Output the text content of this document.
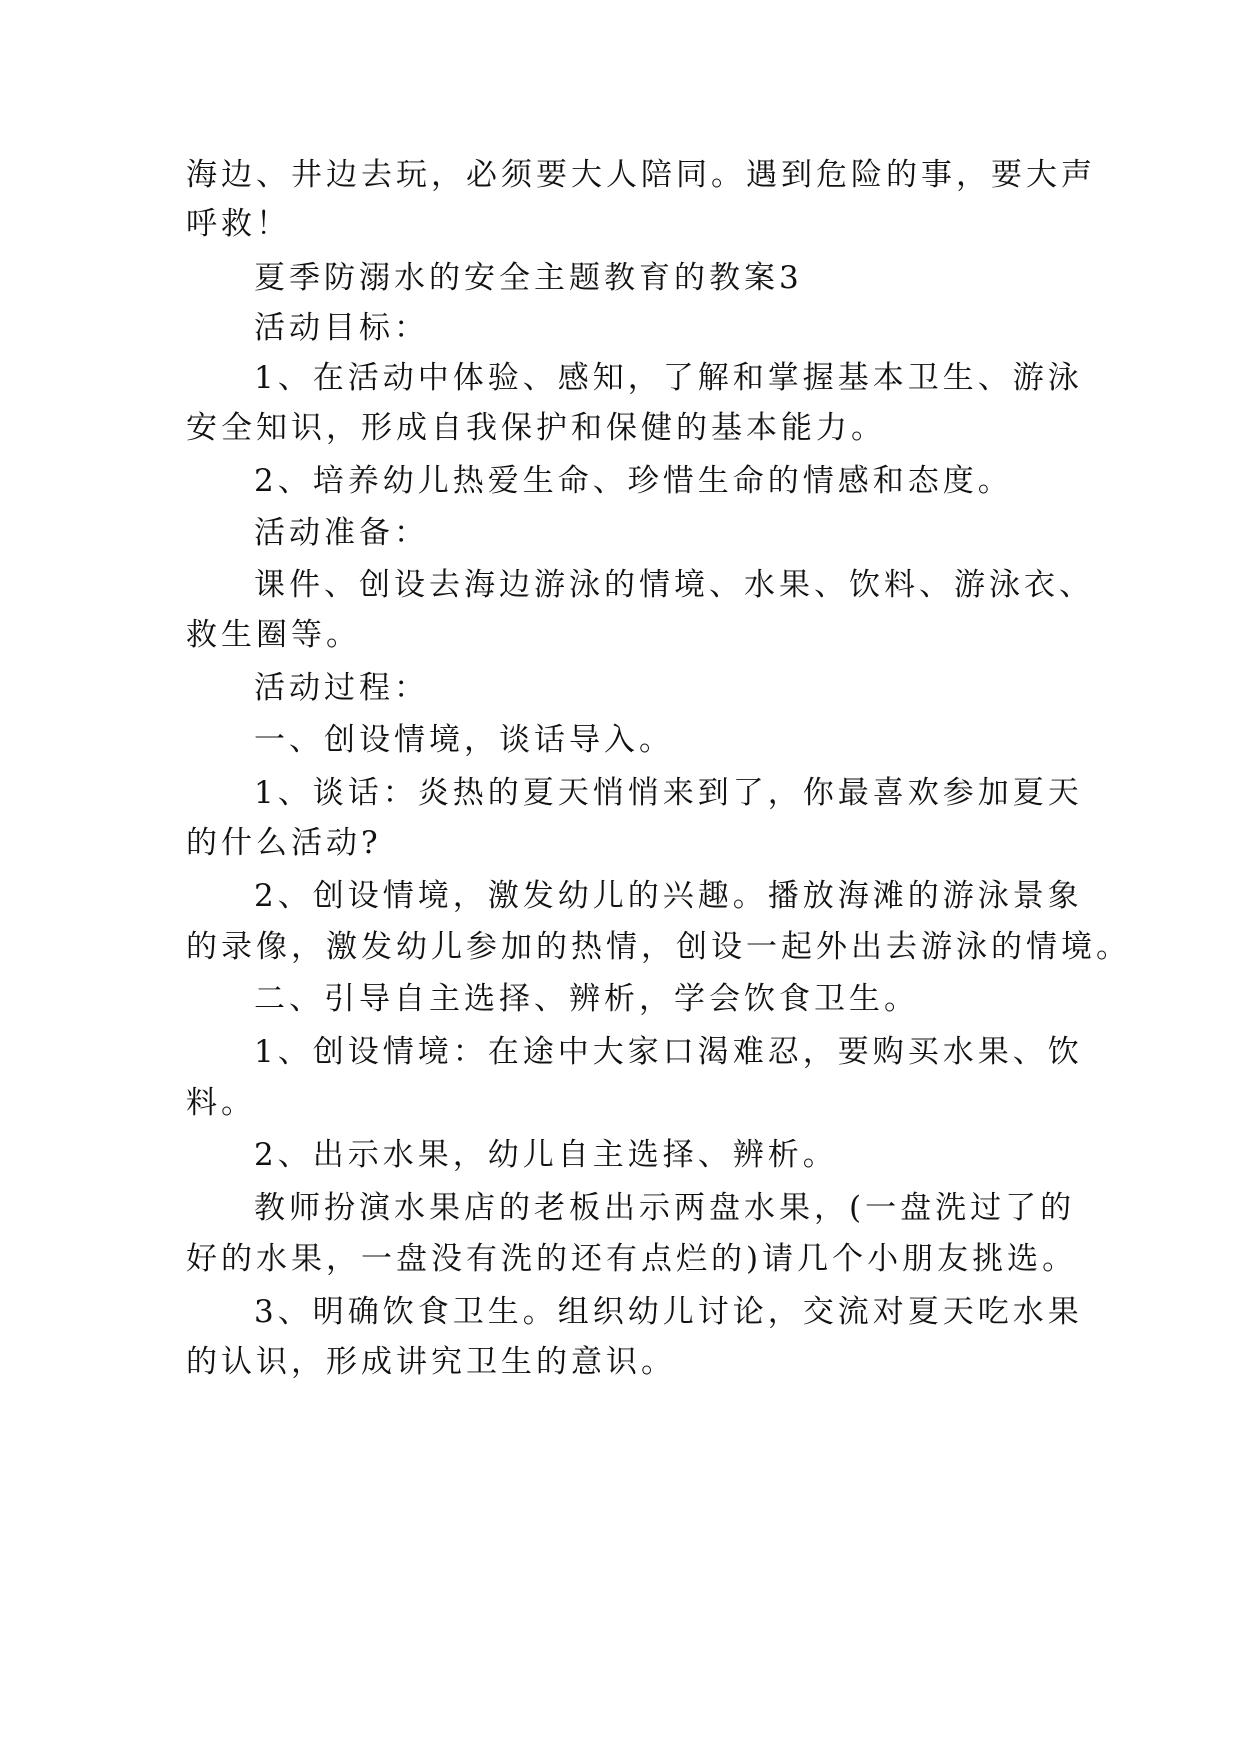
海边、井边去玩，必须要大人陪同。遇到危险的事，要大声
呼救！
夏季防溺水的安全主题教育的教案3
活动目标：
1、在活动中体验、感知，了解和掌握基本卫生、游泳
安全知识，形成自我保护和保健的基本能力。
2、培养幼儿热爱生命、珍惜生命的情感和态度。
活动准备：
课件、创设去海边游泳的情境、水果、饮料、游泳衣、
救生圈等。
活动过程：
一、创设情境，谈话导入。
1、谈话：炎热的夏天悄悄来到了，你最喜欢参加夏天
的什么活动?
2、创设情境，激发幼儿的兴趣。播放海滩的游泳景象
的录像，激发幼儿参加的热情，创设一起外出去游泳的情境。
二、引导自主选择、辨析，学会饮食卫生。
1、创设情境：在途中大家口渴难忍，要购买水果、饮
料。
2、出示水果，幼儿自主选择、辨析。
教师扮演水果店的老板出示两盘水果，(一盘洗过了的
好的水果，一盘没有洗的还有点烂的)请几个小朋友挑选。
3、明确饮食卫生。组织幼儿讨论，交流对夏天吃水果
的认识，形成讲究卫生的意识。
